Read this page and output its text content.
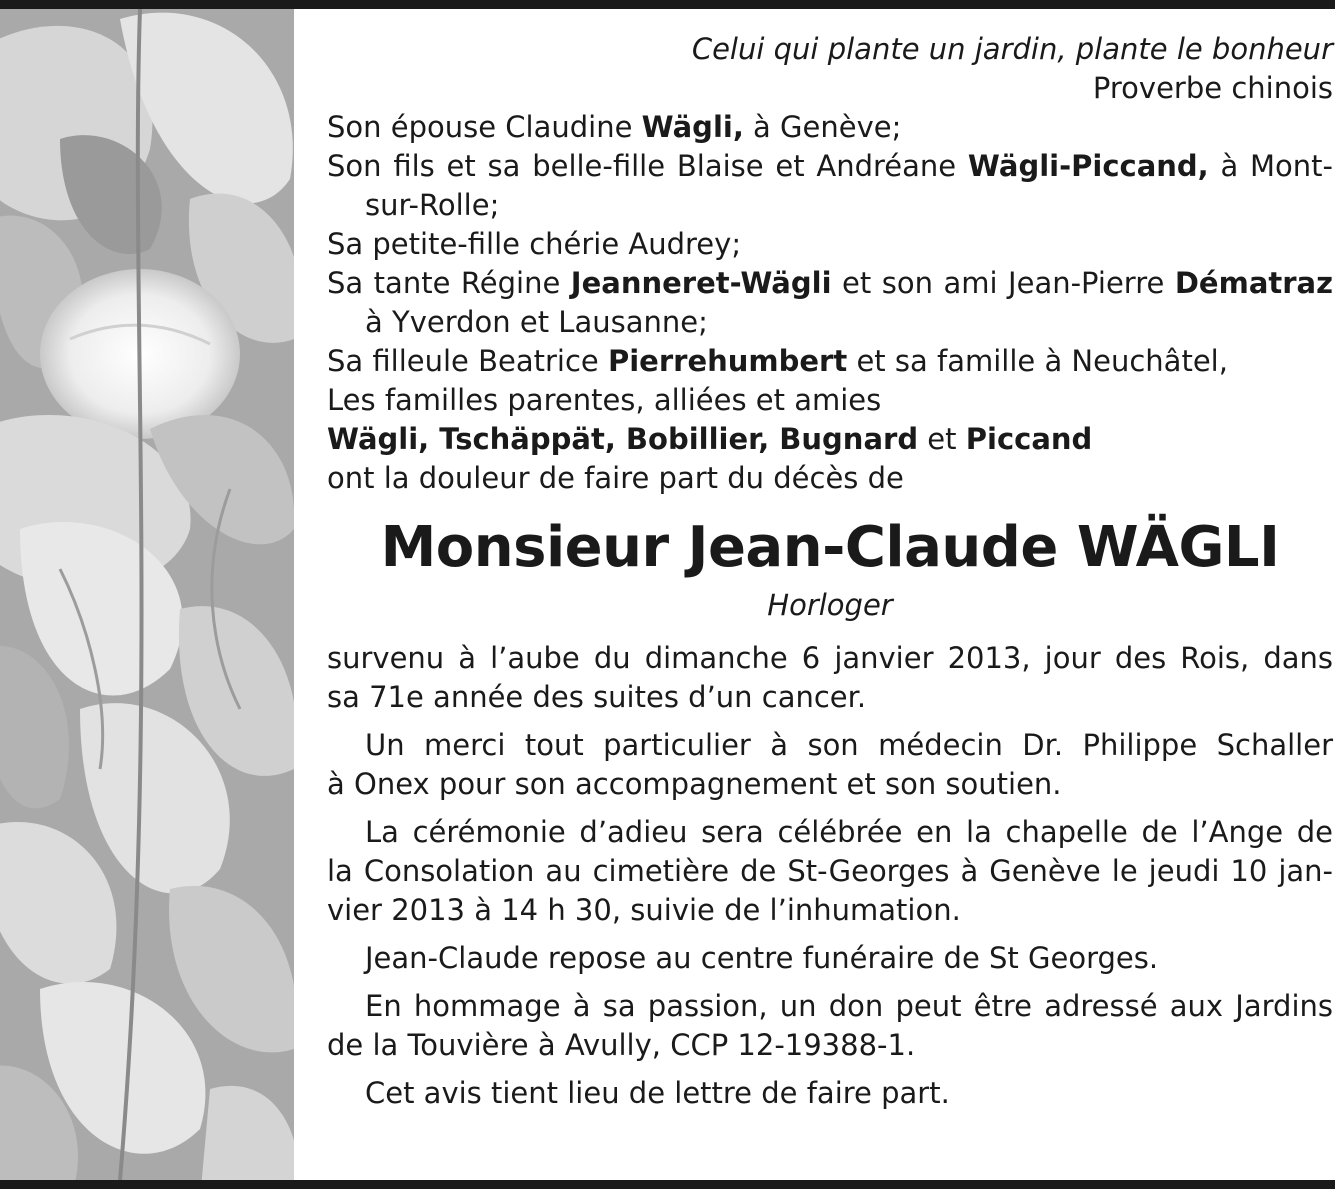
Celui qui plante un jardin, plante le bonheur
Proverbe chinois
Son épouse Claudine Wägli, à Genève;
Son fils et sa belle-fille Blaise et Andréane Wägli-Piccand, à Mont-
sur-Rolle;
Sa petite-fille chérie Audrey;
Sa tante Régine Jeanneret-Wägli et son ami Jean-Pierre Dématraz
à Yverdon et Lausanne;
Sa filleule Beatrice Pierrehumbert et sa famille à Neuchâtel,
Les familles parentes, alliées et amies
Wägli, Tschäppät, Bobillier, Bugnard et Piccand
ont la douleur de faire part du décès de
Monsieur Jean-Claude WÄGLI
Horloger
survenu à l’aube du dimanche 6 janvier 2013, jour des Rois, dans
sa 71e année des suites d’un cancer.
Un merci tout particulier à son médecin Dr. Philippe Schaller
à Onex pour son accompagnement et son soutien.
La cérémonie d’adieu sera célébrée en la chapelle de l’Ange de
la Consolation au cimetière de St-Georges à Genève le jeudi 10 jan-
vier 2013 à 14 h 30, suivie de l’inhumation.
Jean-Claude repose au centre funéraire de St Georges.
En hommage à sa passion, un don peut être adressé aux Jardins
de la Touvière à Avully, CCP 12-19388-1.
Cet avis tient lieu de lettre de faire part.
